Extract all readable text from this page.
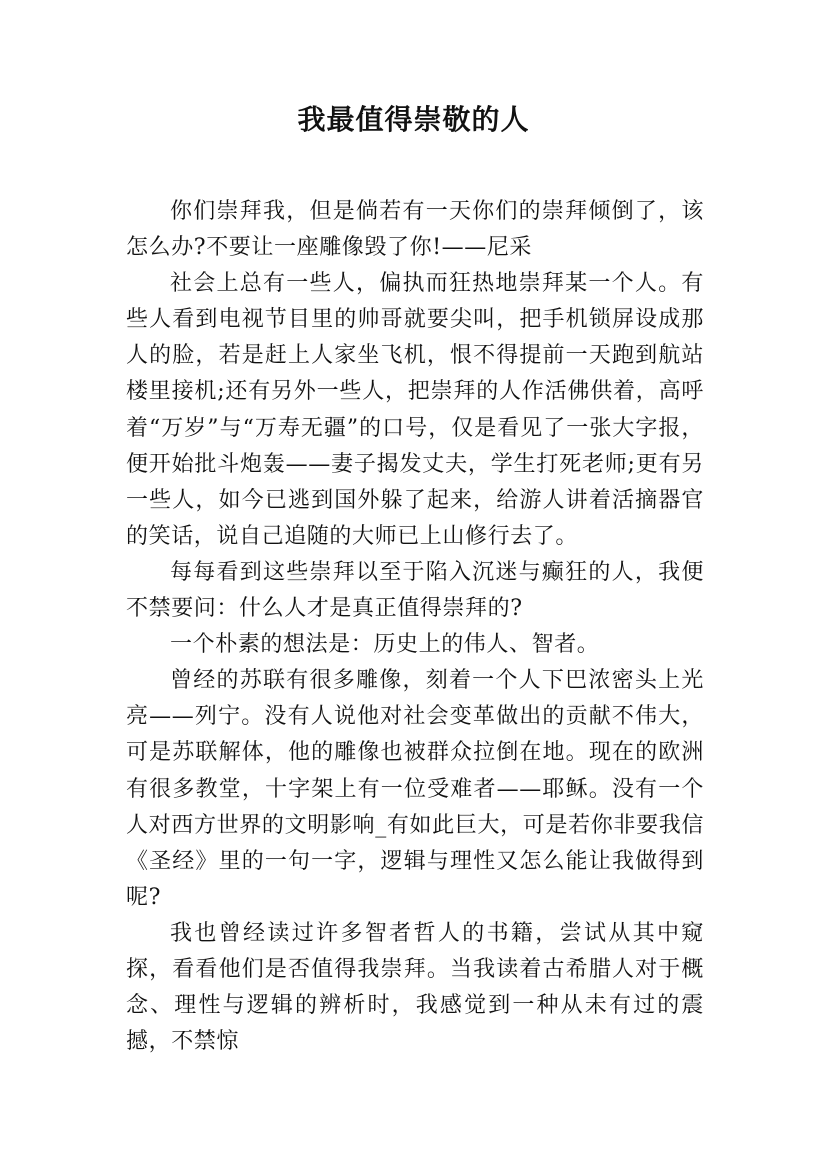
我最值得崇敬的人

你们崇拜我，但是倘若有一天你们的崇拜倾倒了，该怎么办?不要让一座雕像毁了你!——尼采

社会上总有一些人，偏执而狂热地崇拜某一个人。有些人看到电视节目里的帅哥就要尖叫，把手机锁屏设成那人的脸，若是赶上人家坐飞机，恨不得提前一天跑到航站楼里接机;还有另外一些人，把崇拜的人作活佛供着，高呼着“万岁”与“万寿无疆”的口号，仅是看见了一张大字报，便开始批斗炮轰——妻子揭发丈夫，学生打死老师;更有另一些人，如今已逃到国外躲了起来，给游人讲着活摘器官的笑话，说自己追随的大师已上山修行去了。

每每看到这些崇拜以至于陷入沉迷与癫狂的人，我便不禁要问：什么人才是真正值得崇拜的?

一个朴素的想法是：历史上的伟人、智者。

曾经的苏联有很多雕像，刻着一个人下巴浓密头上光亮——列宁。没有人说他对社会变革做出的贡献不伟大，可是苏联解体，他的雕像也被群众拉倒在地。现在的欧洲有很多教堂，十字架上有一位受难者——耶稣。没有一个人对西方世界的文明影响_有如此巨大，可是若你非要我信《圣经》里的一句一字，逻辑与理性又怎么能让我做得到呢?

我也曾经读过许多智者哲人的书籍，尝试从其中窥探，看看他们是否值得我崇拜。当我读着古希腊人对于概念、理性与逻辑的辨析时，我感觉到一种从未有过的震撼，不禁惊
